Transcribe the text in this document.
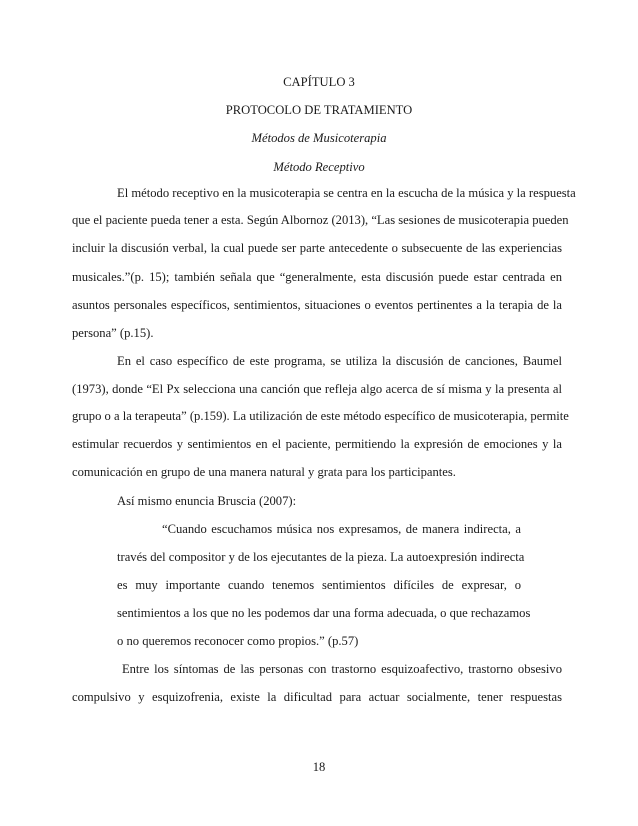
CAPÍTULO 3
PROTOCOLO DE TRATAMIENTO
Métodos de Musicoterapia
Método Receptivo
El método receptivo en la musicoterapia se centra en la escucha de la música y la respuesta
que el paciente pueda tener a esta. Según Albornoz (2013), “Las sesiones de musicoterapia pueden
incluir la discusión verbal, la cual puede ser parte antecedente o subsecuente de las experiencias
musicales.”(p. 15); también señala que “generalmente, esta discusión puede estar centrada en
asuntos personales específicos, sentimientos, situaciones o eventos pertinentes a la terapia de la
persona” (p.15).
En el caso específico de este programa, se utiliza la discusión de canciones, Baumel
(1973), donde “El Px selecciona una canción que refleja algo acerca de sí misma y la presenta al
grupo o a la terapeuta” (p.159). La utilización de este método específico de musicoterapia, permite
estimular recuerdos y sentimientos en el paciente, permitiendo la expresión de emociones y la
comunicación en grupo de una manera natural y grata para los participantes.
Así mismo enuncia Bruscia (2007):
“Cuando escuchamos música nos expresamos, de manera indirecta, a
través del compositor y de los ejecutantes de la pieza. La autoexpresión indirecta
es muy importante cuando tenemos sentimientos difíciles de expresar, o
sentimientos a los que no les podemos dar una forma adecuada, o que rechazamos
o no queremos reconocer como propios.” (p.57)
Entre los síntomas de las personas con trastorno esquizoafectivo, trastorno obsesivo
compulsivo y esquizofrenia, existe la dificultad para actuar socialmente, tener respuestas
18
